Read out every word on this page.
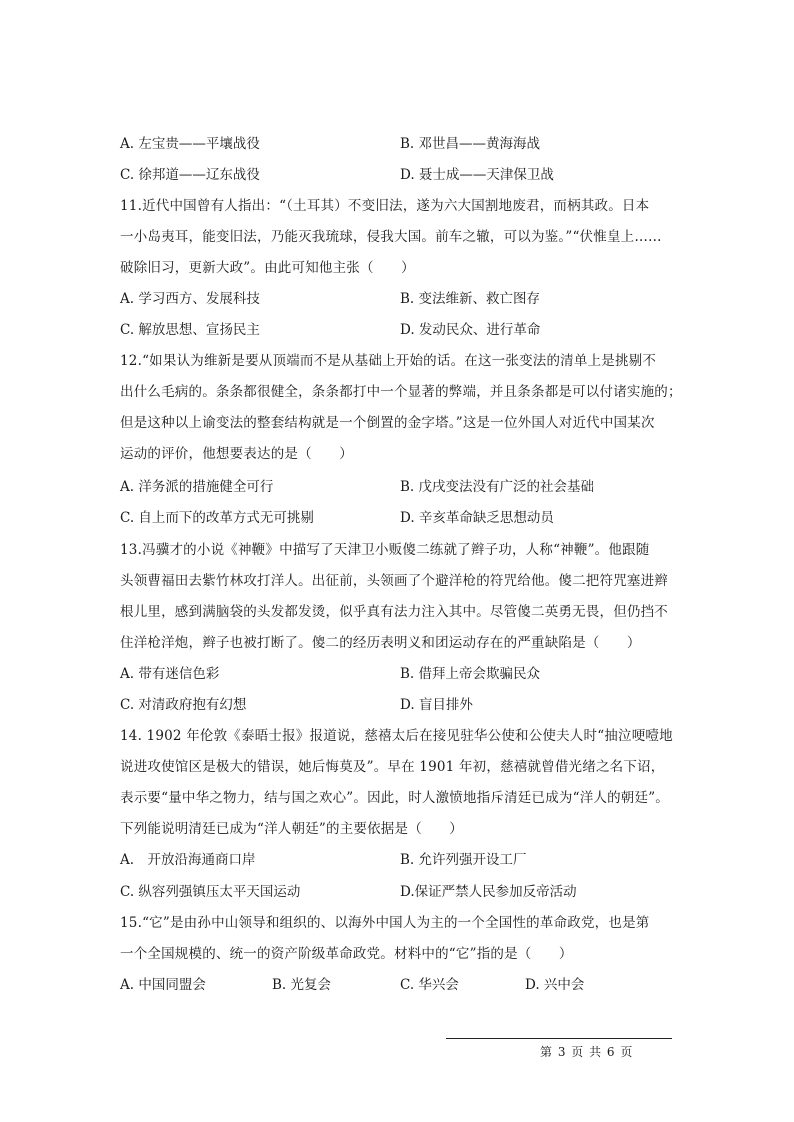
A. 左宝贵——平壤战役	B. 邓世昌——黄海海战
C. 徐邦道——辽东战役	D. 聂士成——天津保卫战
11.近代中国曾有人指出：“（土耳其）不变旧法，遂为六大国割地废君，而柄其政。日本
一小岛夷耳，能变旧法，乃能灭我琉球，侵我大国。前车之辙，可以为鉴。”“伏惟皇上……
破除旧习，更新大政”。由此可知他主张（　　）
A. 学习西方、发展科技	B. 变法维新、救亡图存
C. 解放思想、宣扬民主	D. 发动民众、进行革命
12.“如果认为维新是要从顶端而不是从基础上开始的话。在这一张变法的清单上是挑剔不
出什么毛病的。条条都很健全，条条都打中一个显著的弊端，并且条条都是可以付诸实施的；
但是这种以上谕变法的整套结构就是一个倒置的金字塔。”这是一位外国人对近代中国某次
运动的评价，他想要表达的是（　　）
A. 洋务派的措施健全可行	B. 戊戌变法没有广泛的社会基础
C. 自上而下的改革方式无可挑剔	D. 辛亥革命缺乏思想动员
13.冯骥才的小说《神鞭》中描写了天津卫小贩傻二练就了辫子功，人称“神鞭”。他跟随
头领曹福田去紫竹林攻打洋人。出征前，头领画了个避洋枪的符咒给他。傻二把符咒塞进辫
根儿里，感到满脑袋的头发都发烫，似乎真有法力注入其中。尽管傻二英勇无畏，但仍挡不
住洋枪洋炮，辫子也被打断了。傻二的经历表明义和团运动存在的严重缺陷是（　　）
A. 带有迷信色彩	B. 借拜上帝会欺骗民众
C. 对清政府抱有幻想	D. 盲目排外
14. 1902 年伦敦《泰晤士报》报道说，慈禧太后在接见驻华公使和公使夫人时“抽泣哽噎地
说进攻使馆区是极大的错误，她后悔莫及”。早在 1901 年初，慈禧就曾借光绪之名下诏，
表示要“量中华之物力，结与国之欢心”。因此，时人激愤地指斥清廷已成为“洋人的朝廷”。
下列能说明清廷已成为“洋人朝廷”的主要依据是（　　）
A.　开放沿海通商口岸	B. 允许列强开设工厂
C. 纵容列强镇压太平天国运动	D.保证严禁人民参加反帝活动
15.“它”是由孙中山领导和组织的、以海外中国人为主的一个全国性的革命政党，也是第
一个全国规模的、统一的资产阶级革命政党。材料中的“它”指的是（　　）
A. 中国同盟会	B. 光复会	C. 华兴会	D. 兴中会
第 3 页 共 6 页
